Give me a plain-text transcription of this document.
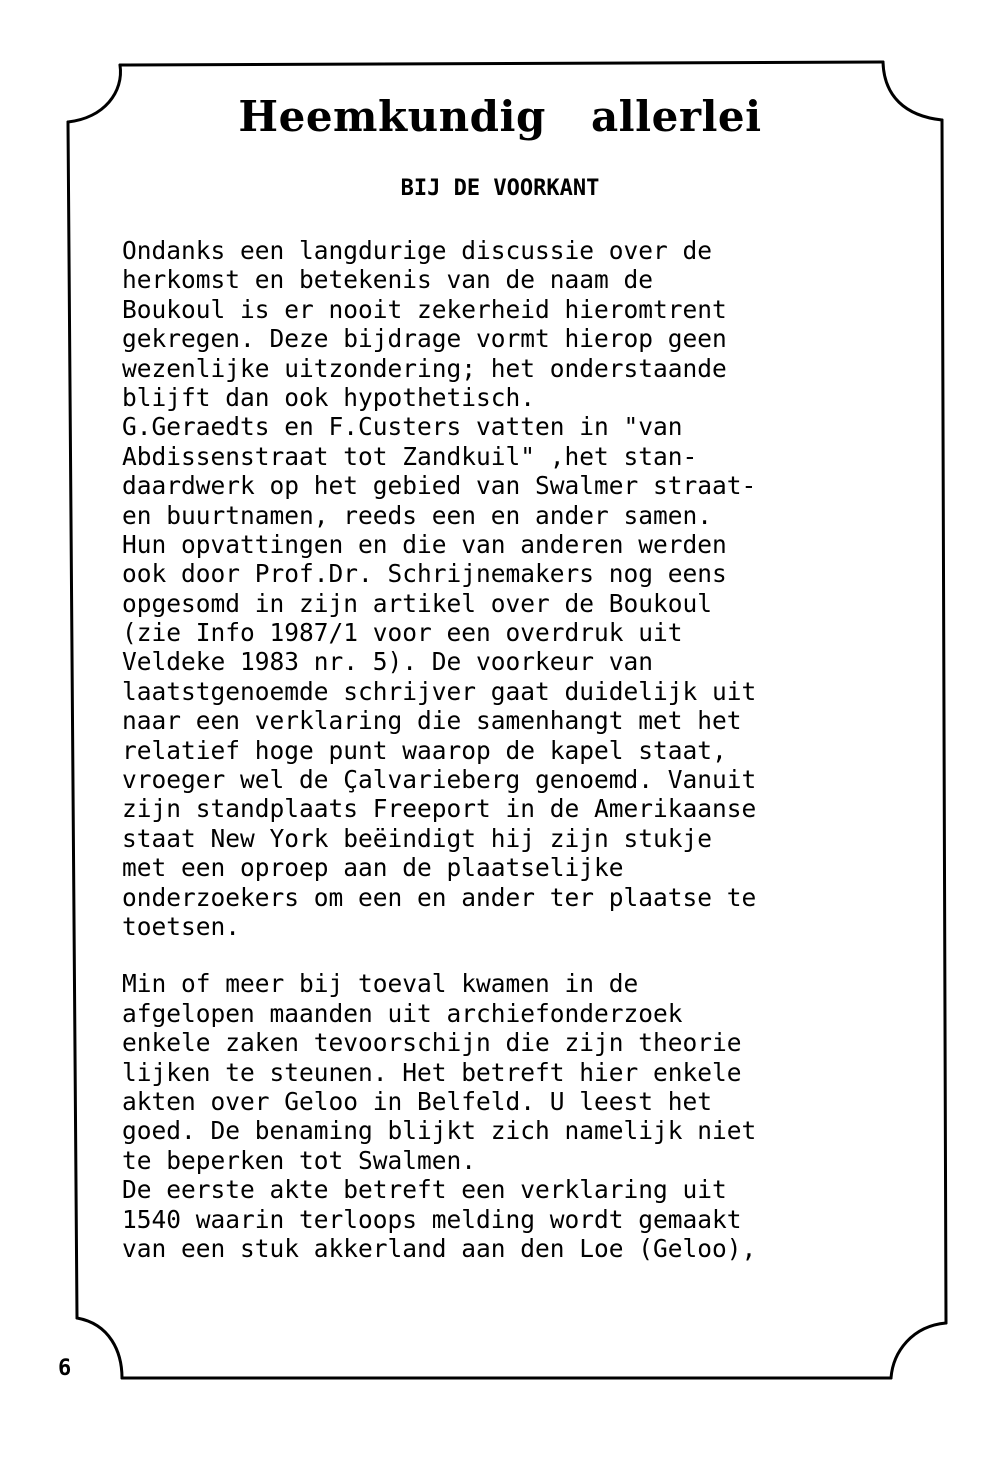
Heemkundig allerlei
BIJ DE VOORKANT
Ondanks een langdurige discussie over de
herkomst en betekenis van de naam de
Boukoul is er nooit zekerheid hieromtrent
gekregen. Deze bijdrage vormt hierop geen
wezenlijke uitzondering; het onderstaande
blijft dan ook hypothetisch.
G.Geraedts en F.Custers vatten in "van
Abdissenstraat tot Zandkuil" ,het stan-
daardwerk op het gebied van Swalmer straat-
en buurtnamen, reeds een en ander samen.
Hun opvattingen en die van anderen werden
ook door Prof.Dr. Schrijnemakers nog eens
opgesomd in zijn artikel over de Boukoul
(zie Info 1987/1 voor een overdruk uit
Veldeke 1983 nr. 5). De voorkeur van
laatstgenoemde schrijver gaat duidelijk uit
naar een verklaring die samenhangt met het
relatief hoge punt waarop de kapel staat,
vroeger wel de Çalvarieberg genoemd. Vanuit
zijn standplaats Freeport in de Amerikaanse
staat New York beëindigt hij zijn stukje
met een oproep aan de plaatselijke
onderzoekers om een en ander ter plaatse te
toetsen.
Min of meer bij toeval kwamen in de
afgelopen maanden uit archiefonderzoek
enkele zaken tevoorschijn die zijn theorie
lijken te steunen. Het betreft hier enkele
akten over Geloo in Belfeld. U leest het
goed. De benaming blijkt zich namelijk niet
te beperken tot Swalmen.
De eerste akte betreft een verklaring uit
1540 waarin terloops melding wordt gemaakt
van een stuk akkerland aan den Loe (Geloo),
6
